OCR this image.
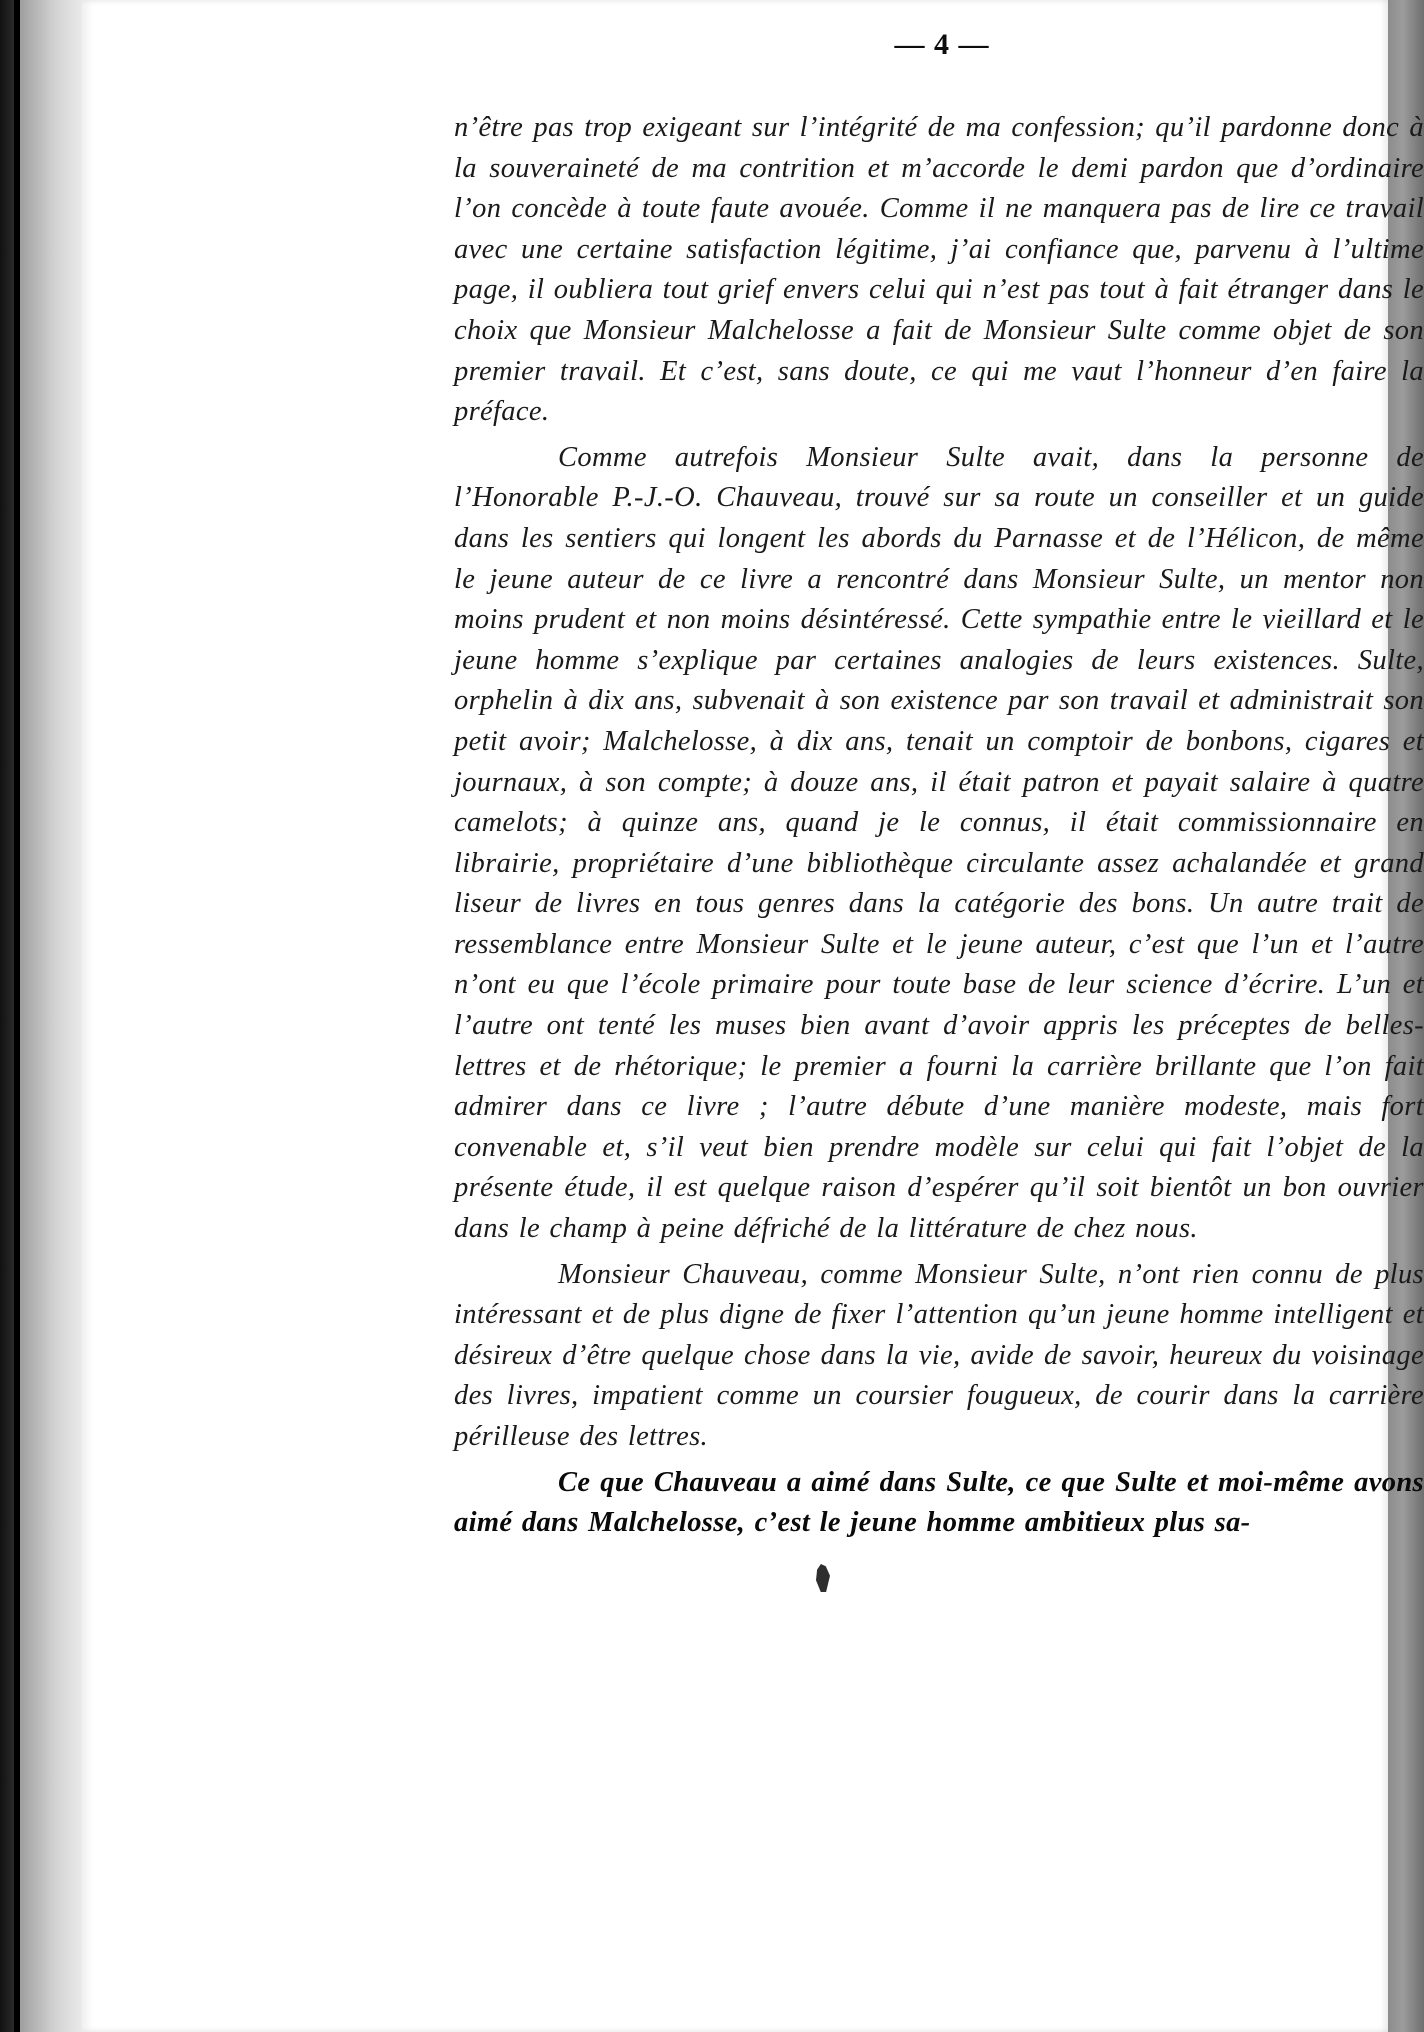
— 4 —

n’être pas trop exigeant sur l’intégrité de ma confession; qu’il pardonne donc à la souveraineté de ma contrition et m’accorde le demi pardon que d’ordinaire l’on concède à toute faute avouée. Comme il ne manquera pas de lire ce travail avec une certaine satisfaction légitime, j’ai confiance que, parvenu à l’ultime page, il oubliera tout grief envers celui qui n’est pas tout à fait étranger dans le choix que Monsieur Malchelosse a fait de Monsieur Sulte comme objet de son premier travail. Et c’est, sans doute, ce qui me vaut l’honneur d’en faire la préface.

Comme autrefois Monsieur Sulte avait, dans la personne de l’Honorable P.-J.-O. Chauveau, trouvé sur sa route un conseiller et un guide dans les sentiers qui longent les abords du Parnasse et de l’Hélicon, de même le jeune auteur de ce livre a rencontré dans Monsieur Sulte, un mentor non moins prudent et non moins désintéressé. Cette sympathie entre le vieillard et le jeune homme s’explique par certaines analogies de leurs existences. Sulte, orphelin à dix ans, subvenait à son existence par son travail et administrait son petit avoir; Malchelosse, à dix ans, tenait un comptoir de bonbons, cigares et journaux, à son compte; à douze ans, il était patron et payait salaire à quatre camelots; à quinze ans, quand je le connus, il était commissionnaire en librairie, propriétaire d’une bibliothèque circulante assez achalandée et grand liseur de livres en tous genres dans la catégorie des bons. Un autre trait de ressemblance entre Monsieur Sulte et le jeune auteur, c’est que l’un et l’autre n’ont eu que l’école primaire pour toute base de leur science d’écrire. L’un et l’autre ont tenté les muses bien avant d’avoir appris les préceptes de belles-lettres et de rhétorique; le premier a fourni la carrière brillante que l’on fait admirer dans ce livre ; l’autre débute d’une manière modeste, mais fort convenable et, s’il veut bien prendre modèle sur celui qui fait l’objet de la présente étude, il est quelque raison d’espérer qu’il soit bientôt un bon ouvrier dans le champ à peine défriché de la littérature de chez nous.

Monsieur Chauveau, comme Monsieur Sulte, n’ont rien connu de plus intéressant et de plus digne de fixer l’attention qu’un jeune homme intelligent et désireux d’être quelque chose dans la vie, avide de savoir, heureux du voisinage des livres, impatient comme un coursier fougueux, de courir dans la carrière périlleuse des lettres.

Ce que Chauveau a aimé dans Sulte, ce que Sulte et moi-même avons aimé dans Malchelosse, c’est le jeune homme ambitieux plus sa-
